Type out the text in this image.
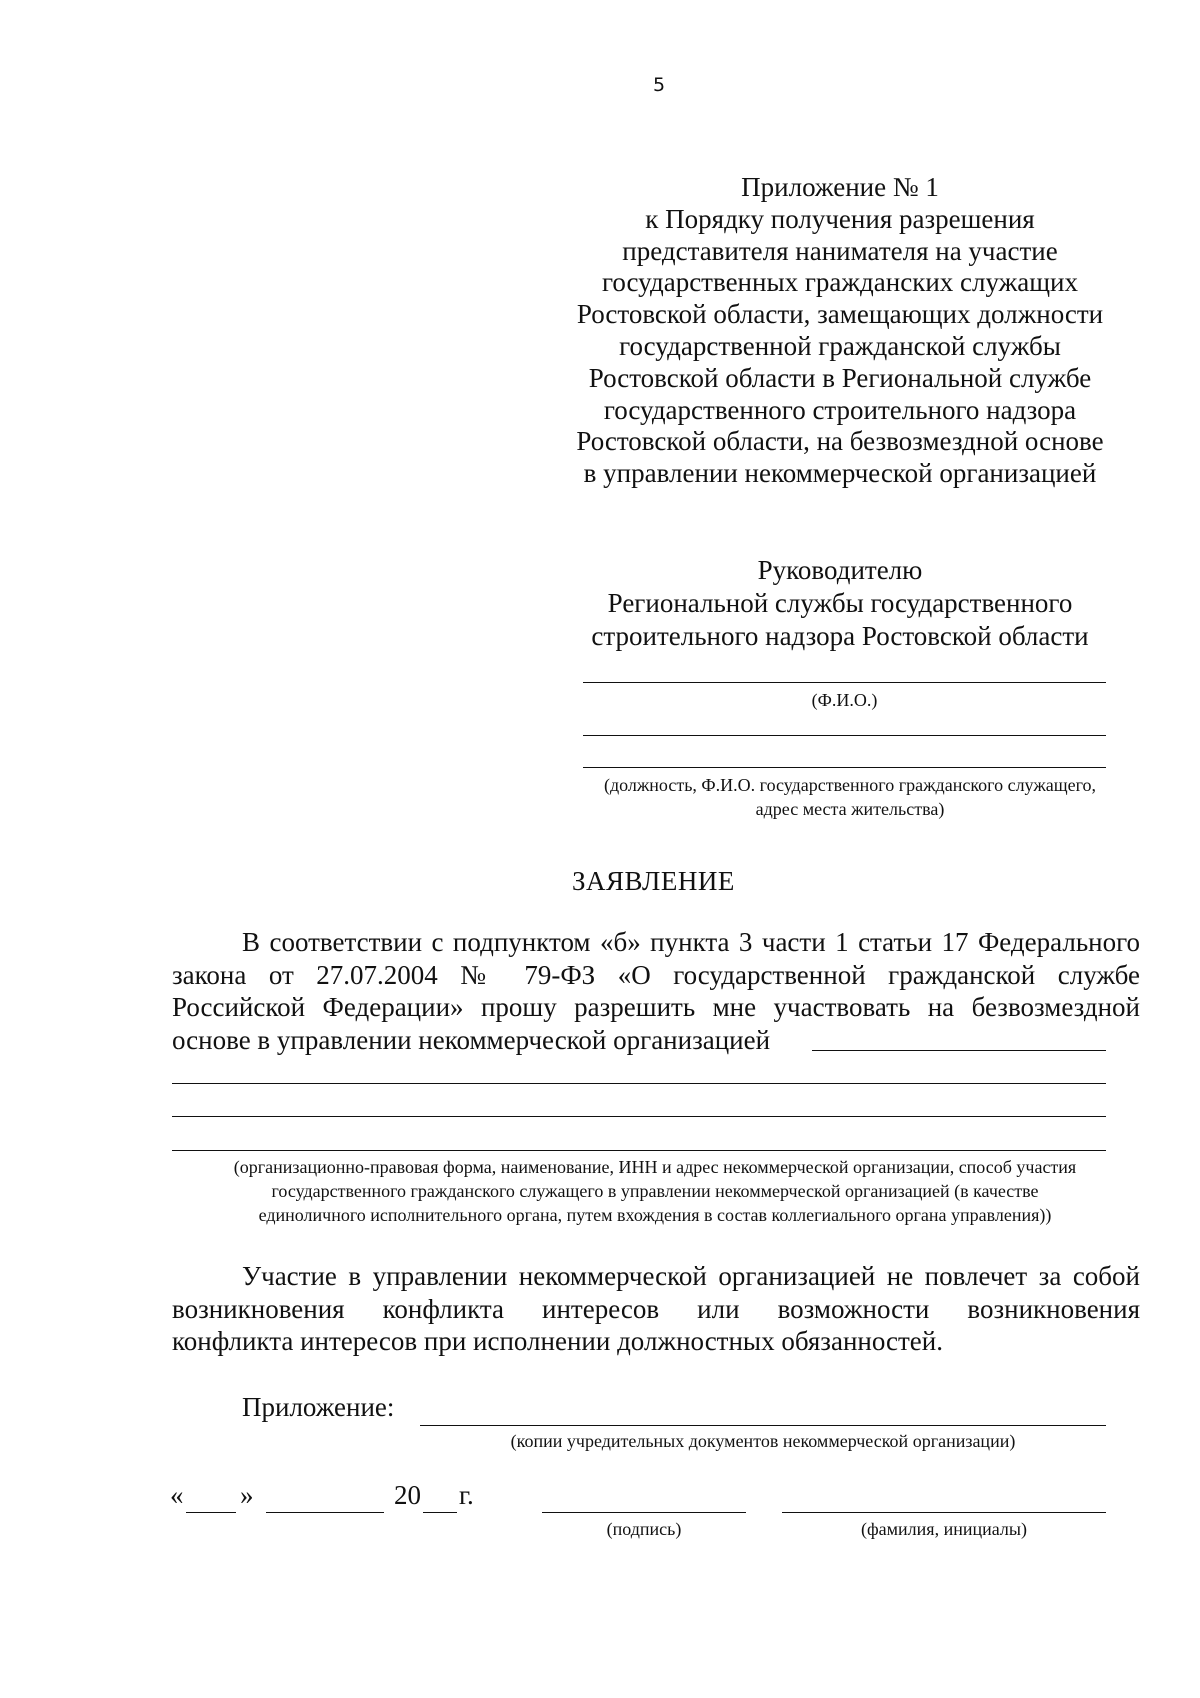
5
Приложение № 1
к Порядку получения разрешения
представителя нанимателя на участие
государственных гражданских служащих
Ростовской области, замещающих должности
государственной гражданской службы
Ростовской области в Региональной службе
государственного строительного надзора
Ростовской области, на безвозмездной основе
в управлении некоммерческой организацией
Руководителю
Региональной службы государственного
строительного надзора Ростовской области
(Ф.И.О.)
(должность, Ф.И.О. государственного гражданского служащего,
адрес места жительства)
ЗАЯВЛЕНИЕ
В соответствии с подпунктом «б» пункта 3 части 1 статьи 17 Федерального
закона от 27.07.2004 № 79-ФЗ «О государственной гражданской службе
Российской Федерации» прошу разрешить мне участвовать на безвозмездной
основе в управлении некоммерческой организацией
(организационно-правовая форма, наименование, ИНН и адрес некоммерческой организации, способ участия
государственного гражданского служащего в управлении некоммерческой организацией (в качестве
единоличного исполнительного органа, путем вхождения в состав коллегиального органа управления))
Участие в управлении некоммерческой организацией не повлечет за собой
возникновения конфликта интересов или возможности возникновения
конфликта интересов при исполнении должностных обязанностей.
Приложение:
(копии учредительных документов некоммерческой организации)
« »	20 г.
(подпись)	(фамилия, инициалы)
